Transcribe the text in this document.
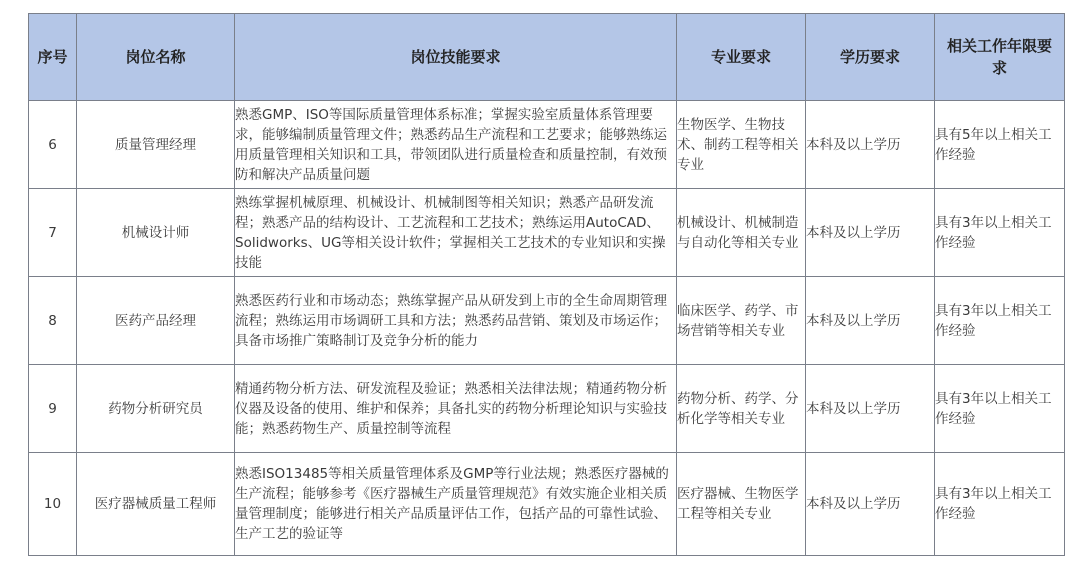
序号	岗位名称	岗位技能要求	专业要求	学历要求	相关工作年限要求
6	质量管理经理	熟悉GMP、ISO等国际质量管理体系标准；掌握实验室质量体系管理要求，能够编制质量管理文件；熟悉药品生产流程和工艺要求；能够熟练运用质量管理相关知识和工具，带领团队进行质量检查和质量控制，有效预防和解决产品质量问题	生物医学、生物技术、制药工程等相关专业	本科及以上学历	具有5年以上相关工作经验
7	机械设计师	熟练掌握机械原理、机械设计、机械制图等相关知识；熟悉产品研发流程；熟悉产品的结构设计、工艺流程和工艺技术；熟练运用AutoCAD、Solidworks、UG等相关设计软件；掌握相关工艺技术的专业知识和实操技能	机械设计、机械制造与自动化等相关专业	本科及以上学历	具有3年以上相关工作经验
8	医药产品经理	熟悉医药行业和市场动态；熟练掌握产品从研发到上市的全生命周期管理流程；熟练运用市场调研工具和方法；熟悉药品营销、策划及市场运作；具备市场推广策略制订及竞争分析的能力	临床医学、药学、市场营销等相关专业	本科及以上学历	具有3年以上相关工作经验
9	药物分析研究员	精通药物分析方法、研发流程及验证；熟悉相关法律法规；精通药物分析仪器及设备的使用、维护和保养；具备扎实的药物分析理论知识与实验技能；熟悉药物生产、质量控制等流程	药物分析、药学、分析化学等相关专业	本科及以上学历	具有3年以上相关工作经验
10	医疗器械质量工程师	熟悉ISO13485等相关质量管理体系及GMP等行业法规；熟悉医疗器械的生产流程；能够参考《医疗器械生产质量管理规范》有效实施企业相关质量管理制度；能够进行相关产品质量评估工作，包括产品的可靠性试验、生产工艺的验证等	医疗器械、生物医学工程等相关专业	本科及以上学历	具有3年以上相关工作经验
